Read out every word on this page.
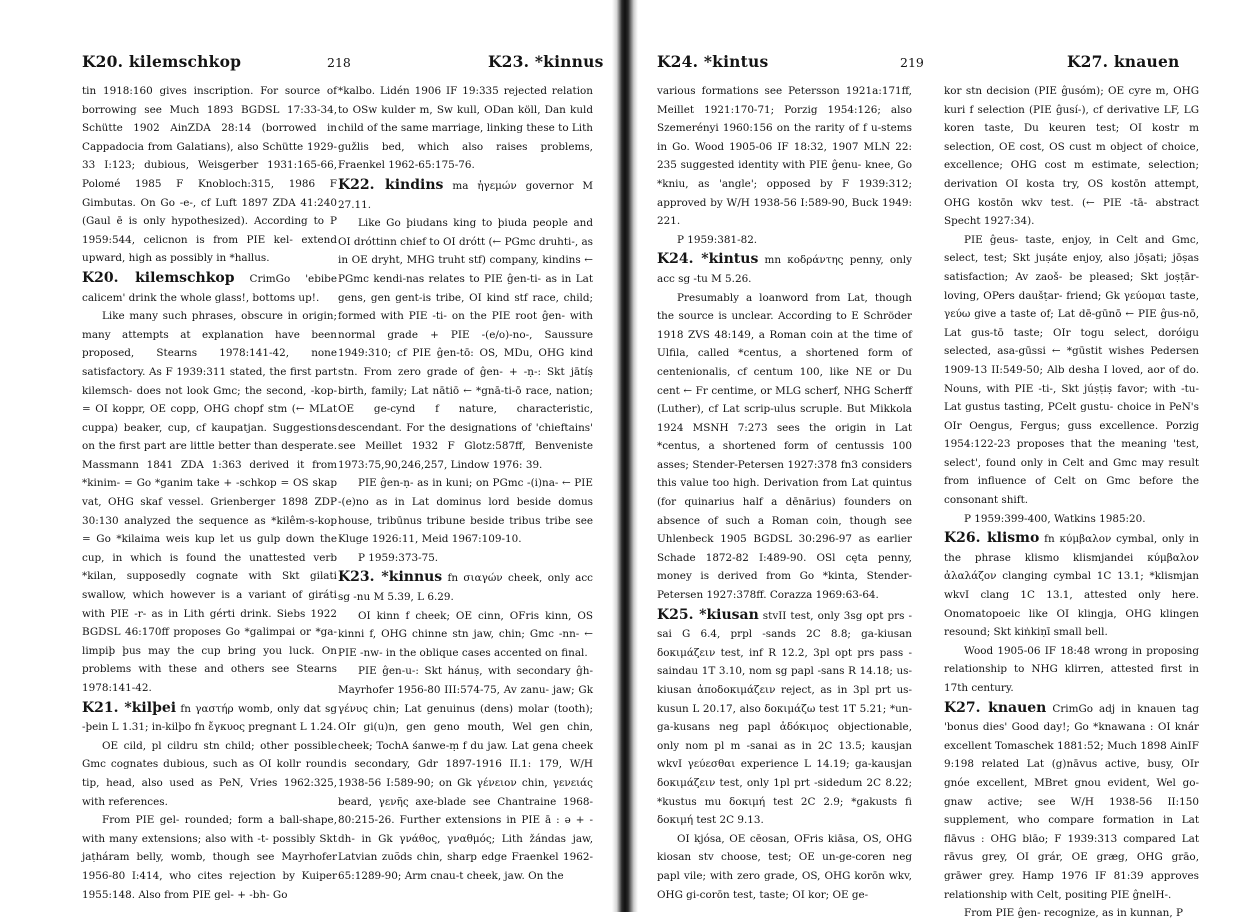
K20. kilemschkop	218	K23. *kinnus

tin 1918:160 gives inscription. For source of borrowing see Much 1893 BGDSL 17:33-34, Schütte 1902 AinZDA 28:14 (borrowed in Cappadocia from Galatians), also Schütte 1929-33 I:123; dubious, Weisgerber 1931:165-66, Polomé 1985 F Knobloch:315, 1986 F Gimbutas. On Go -e-, cf Luft 1897 ZDA 41:240 (Gaul ē is only hypothesized). According to P 1959:544, celicnon is from PIE kel- extend upward, high as possibly in *hallus.

K20. kilemschkop CrimGo 'ebibe calicem' drink the whole glass!, bottoms up!.

Like many such phrases, obscure in origin; many attempts at explanation have been proposed, Stearns 1978:141-42, none satisfactory. As F 1939:311 stated, the first part kilemsch- does not look Gmc; the second, -kop- = OI koppr, OE copp, OHG chopf stm (← MLat cuppa) beaker, cup, cf kaupatjan. Suggestions on the first part are little better than desperate. Massmann 1841 ZDA 1:363 derived it from *kinim- = Go *ganim take + -schkop = OS skap vat, OHG skaf vessel. Grienberger 1898 ZDP 30:130 analyzed the sequence as *kilêm-s-kop = Go *kilaima weis kup let us gulp down the cup, in which is found the unattested verb *kilan, supposedly cognate with Skt gilati swallow, which however is a variant of giráti with PIE -r- as in Lith gérti drink. Siebs 1922 BGDSL 46:170ff proposes Go *galimpai or *ga-limpiþ þus may the cup bring you luck. On problems with these and others see Stearns 1978:141-42.

K21. *kilþei fn γαστήρ womb, only dat sg -þein L 1.31; in-kilþo fn ἔγκυος pregnant L 1.24.

OE cild, pl cildru stn child; other possible Gmc cognates dubious, such as OI kollr round tip, head, also used as PeN, Vries 1962:325, with references.

From PIE gel- rounded; form a ball-shape, with many extensions; also with -t- possibly Skt jaṭháram belly, womb, though see Mayrhofer 1956-80 I:414, who cites rejection by Kuiper 1955:148. Also from PIE gel- + -bh- Go

*kalbo. Lidén 1906 IF 19:335 rejected relation to OSw kulder m, Sw kull, ODan köll, Dan kuld child of the same marriage, linking these to Lith gužlis bed, which also raises problems, Fraenkel 1962-65:175-76.

K22. kindins ma ἡγεμών governor M 27.11.

Like Go þiudans king to þiuda people and OI dróttinn chief to OI drótt (← PGmc druhti-, as in OE dryht, MHG truht stf) company, kindins ← PGmc kendi-nas relates to PIE ĝen-ti- as in Lat gens, gen gent-is tribe, OI kind stf race, child; formed with PIE -ti- on the PIE root ĝen- with normal grade + PIE -(e/o)-no-, Saussure 1949:310; cf PIE ĝen-tō: OS, MDu, OHG kind stn. From zero grade of ĝen- + -ṇ-: Skt jātíṣ birth, family; Lat nātiō ← *gnā-ti-ō race, nation; OE ge-cynd f nature, characteristic, descendant. For the designations of 'chieftains' see Meillet 1932 F Glotz:587ff, Benveniste 1973:75,90,246,257, Lindow 1976: 39.

PIE ĝen-ṇ- as in kuni; on PGmc -(i)na- ← PIE -(e)no as in Lat dominus lord beside domus house, tribūnus tribune beside tribus tribe see Kluge 1926:11, Meid 1967:109-10.

P 1959:373-75.

K23. *kinnus fn σιαγών cheek, only acc sg -nu M 5.39, L 6.29.

OI kinn f cheek; OE cinn, OFris kinn, OS kinni f, OHG chinne stn jaw, chin; Gmc -nn- ← PIE -nw- in the oblique cases accented on final.

PIE ĝen-u-: Skt hánuṣ, with secondary ĝh-Mayrhofer 1956-80 III:574-75, Av zanu- jaw; Gk γένυς chin; Lat genuinus (dens) molar (tooth); OIr gi(u)n, gen geno mouth, Wel gen chin, cheek; TochA śanwe-ṃ f du jaw. Lat gena cheek is secondary, Gdr 1897-1916 II.1: 179, W/H 1938-56 I:589-90; on Gk γένειον chin, γενειάς beard, γενῆς axe-blade see Chantraine 1968-80:215-26. Further extensions in PIE ā : ə + -dh- in Gk γνάθος, γναθμός; Lith žándas jaw, Latvian zuõds chin, sharp edge Fraenkel 1962-65:1289-90; Arm cnau-t cheek, jaw. On the

K24. *kintus	219	K27. knauen

various formations see Petersson 1921a:171ff, Meillet 1921:170-71; Porzig 1954:126; also Szemerényi 1960:156 on the rarity of f u-stems in Go. Wood 1905-06 IF 18:32, 1907 MLN 22: 235 suggested identity with PIE ĝenu- knee, Go *kniu, as 'angle'; opposed by F 1939:312; approved by W/H 1938-56 I:589-90, Buck 1949: 221.

P 1959:381-82.

K24. *kintus mn κοδράντης penny, only acc sg -tu M 5.26.

Presumably a loanword from Lat, though the source is unclear. According to E Schröder 1918 ZVS 48:149, a Roman coin at the time of Ulfila, called *centus, a shortened form of centenionalis, cf centum 100, like NE or Du cent ← Fr centime, or MLG scherf, NHG Scherff (Luther), cf Lat scrip-ulus scruple. But Mikkola 1924 MSNH 7:273 sees the origin in Lat *centus, a shortened form of centussis 100 asses; Stender-Petersen 1927:378 fn3 considers this value too high. Derivation from Lat quintus (for quinarius half a dēnārius) founders on absence of such a Roman coin, though see Uhlenbeck 1905 BGDSL 30:296-97 as earlier Schade 1872-82 I:489-90. OSl cęta penny, money is derived from Go *kinta, Stender-Petersen 1927:378ff. Corazza 1969:63-64.

K25. *kiusan stvII test, only 3sg opt prs -sai G 6.4, prpl -sands 2C 8.8; ga-kiusan δοκιμάζειν test, inf R 12.2, 3pl opt prs pass -saindau 1T 3.10, nom sg papl -sans R 14.18; us-kiusan ἀποδοκιμάζειν reject, as in 3pl prt us-kusun L 20.17, also δοκιμάζω test 1T 5.21; *un-ga-kusans neg papl ἀδόκιμος objectionable, only nom pl m -sanai as in 2C 13.5; kausjan wkvI γεύεσθαι experience L 14.19; ga-kausjan δοκιμάζειν test, only 1pl prt -sidedum 2C 8.22; *kustus mu δοκιμή test 2C 2.9; *gakusts fi δοκιμή test 2C 9.13.

OI kjósa, OE cēosan, OFris kiāsa, OS, OHG kiosan stv choose, test; OE un-ge-coren neg papl vile; with zero grade, OS, OHG korōn wkv, OHG gi-corōn test, taste; OI kor; OE ge-

kor stn decision (PIE ĝusóm); OE cyre m, OHG kuri f selection (PIE ĝusí-), cf derivative LF, LG koren taste, Du keuren test; OI kostr m selection, OE cost, OS cust m object of choice, excellence; OHG cost m estimate, selection; derivation OI kosta try, OS kostōn attempt, OHG kostōn wkv test. (← PIE -tā- abstract Specht 1927:34).

PIE ĝeus- taste, enjoy, in Celt and Gmc, select, test; Skt juṣáte enjoy, also jōṣati; jōṣas satisfaction; Av zaoš- be pleased; Skt joṣṭār-loving, OPers daušṭar- friend; Gk γεύομαι taste, γεύω give a taste of; Lat dē-gūnō ← PIE ĝus-nō, Lat gus-tō taste; OIr togu select, doróigu selected, asa-gūssi ← *gūstit wishes Pedersen 1909-13 II:549-50; Alb desha I loved, aor of do. Nouns, with PIE -ti-, Skt júṣṭiṣ favor; with -tu- Lat gustus tasting, PCelt gustu- choice in PeN's OIr Oengus, Fergus; guss excellence. Porzig 1954:122-23 proposes that the meaning 'test, select', found only in Celt and Gmc may result from influence of Celt on Gmc before the consonant shift.

P 1959:399-400, Watkins 1985:20.

K26. klismo fn κύμβαλον cymbal, only in the phrase klismo klismjandei κύμβαλον ἀλαλάζον clanging cymbal 1C 13.1; *klismjan wkvI clang 1C 13.1, attested only here. Onomatopoeic like OI klingja, OHG klingen resound; Skt kiṅkiṇī small bell.

Wood 1905-06 IF 18:48 wrong in proposing relationship to NHG klirren, attested first in 17th century.

K27. knauen CrimGo adj in knauen tag 'bonus dies' Good day!; Go *knawana : OI knár excellent Tomaschek 1881:52; Much 1898 AinIF 9:198 related Lat (g)nāvus active, busy, OIr gnóe excellent, MBret gnou evident, Wel go-gnaw active; see W/H 1938-56 II:150 supplement, who compare formation in Lat flāvus : OHG blāo; F 1939:313 compared Lat rāvus grey, OI grár, OE græg, OHG grāo, grāwer grey. Hamp 1976 IF 81:39 approves relationship with Celt, positing PIE ĝnelH-.

From PIE ĝen- recognize, as in kunnan, P
